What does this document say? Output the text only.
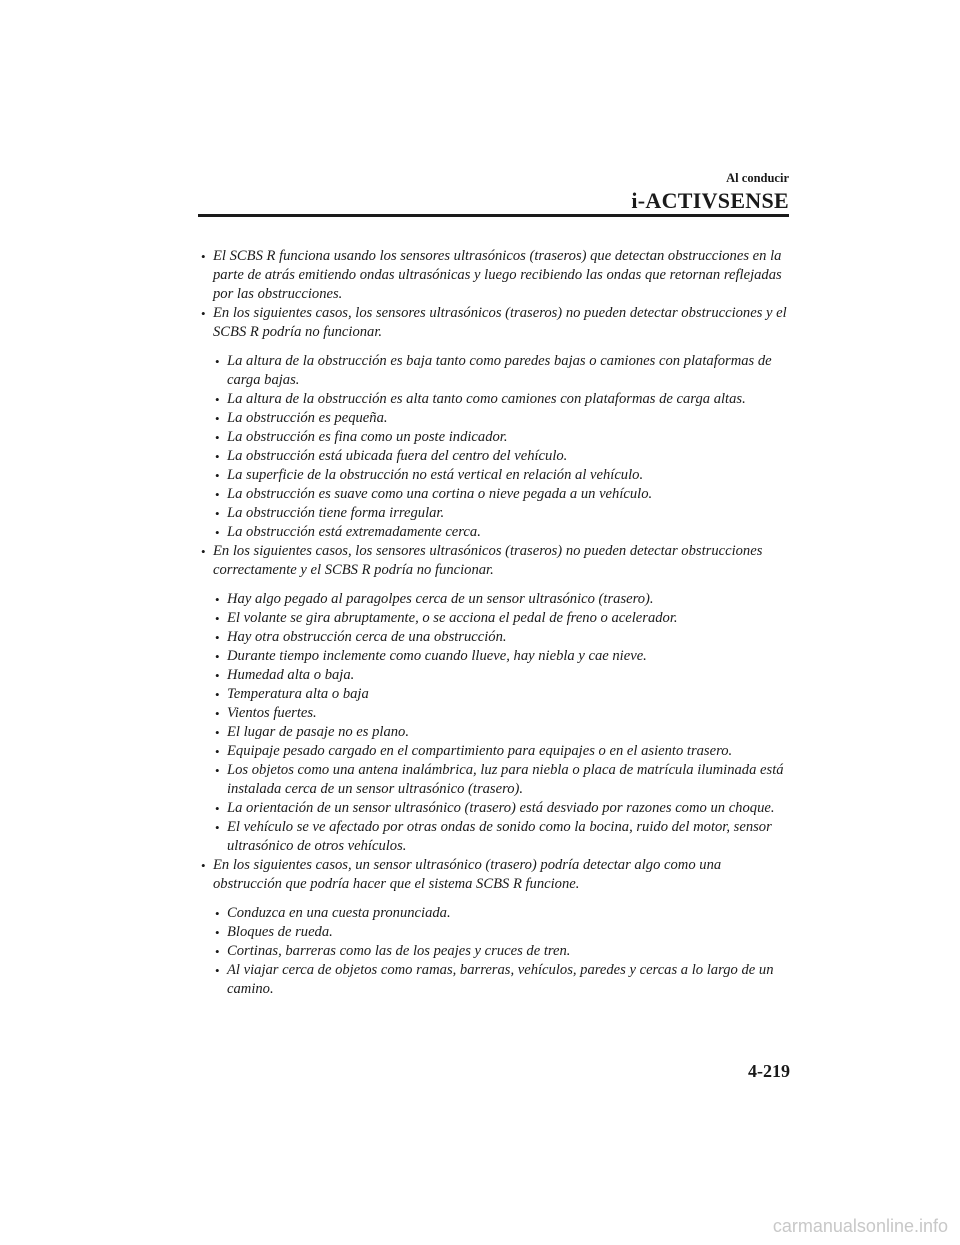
Al conducir
i-ACTIVSENSE
• El SCBS R funciona usando los sensores ultrasónicos (traseros) que detectan obstrucciones en la parte de atrás emitiendo ondas ultrasónicas y luego recibiendo las ondas que retornan reflejadas por las obstrucciones.
• En los siguientes casos, los sensores ultrasónicos (traseros) no pueden detectar obstrucciones y el SCBS R podría no funcionar.
• La altura de la obstrucción es baja tanto como paredes bajas o camiones con plataformas de carga bajas.
• La altura de la obstrucción es alta tanto como camiones con plataformas de carga altas.
• La obstrucción es pequeña.
• La obstrucción es fina como un poste indicador.
• La obstrucción está ubicada fuera del centro del vehículo.
• La superficie de la obstrucción no está vertical en relación al vehículo.
• La obstrucción es suave como una cortina o nieve pegada a un vehículo.
• La obstrucción tiene forma irregular.
• La obstrucción está extremadamente cerca.
• En los siguientes casos, los sensores ultrasónicos (traseros) no pueden detectar obstrucciones correctamente y el SCBS R podría no funcionar.
• Hay algo pegado al paragolpes cerca de un sensor ultrasónico (trasero).
• El volante se gira abruptamente, o se acciona el pedal de freno o acelerador.
• Hay otra obstrucción cerca de una obstrucción.
• Durante tiempo inclemente como cuando llueve, hay niebla y cae nieve.
• Humedad alta o baja.
• Temperatura alta o baja
• Vientos fuertes.
• El lugar de pasaje no es plano.
• Equipaje pesado cargado en el compartimiento para equipajes o en el asiento trasero.
• Los objetos como una antena inalámbrica, luz para niebla o placa de matrícula iluminada está instalada cerca de un sensor ultrasónico (trasero).
• La orientación de un sensor ultrasónico (trasero) está desviado por razones como un choque.
• El vehículo se ve afectado por otras ondas de sonido como la bocina, ruido del motor, sensor ultrasónico de otros vehículos.
• En los siguientes casos, un sensor ultrasónico (trasero) podría detectar algo como una obstrucción que podría hacer que el sistema SCBS R funcione.
• Conduzca en una cuesta pronunciada.
• Bloques de rueda.
• Cortinas, barreras como las de los peajes y cruces de tren.
• Al viajar cerca de objetos como ramas, barreras, vehículos, paredes y cercas a lo largo de un camino.
4-219
carmanualsonline.info
